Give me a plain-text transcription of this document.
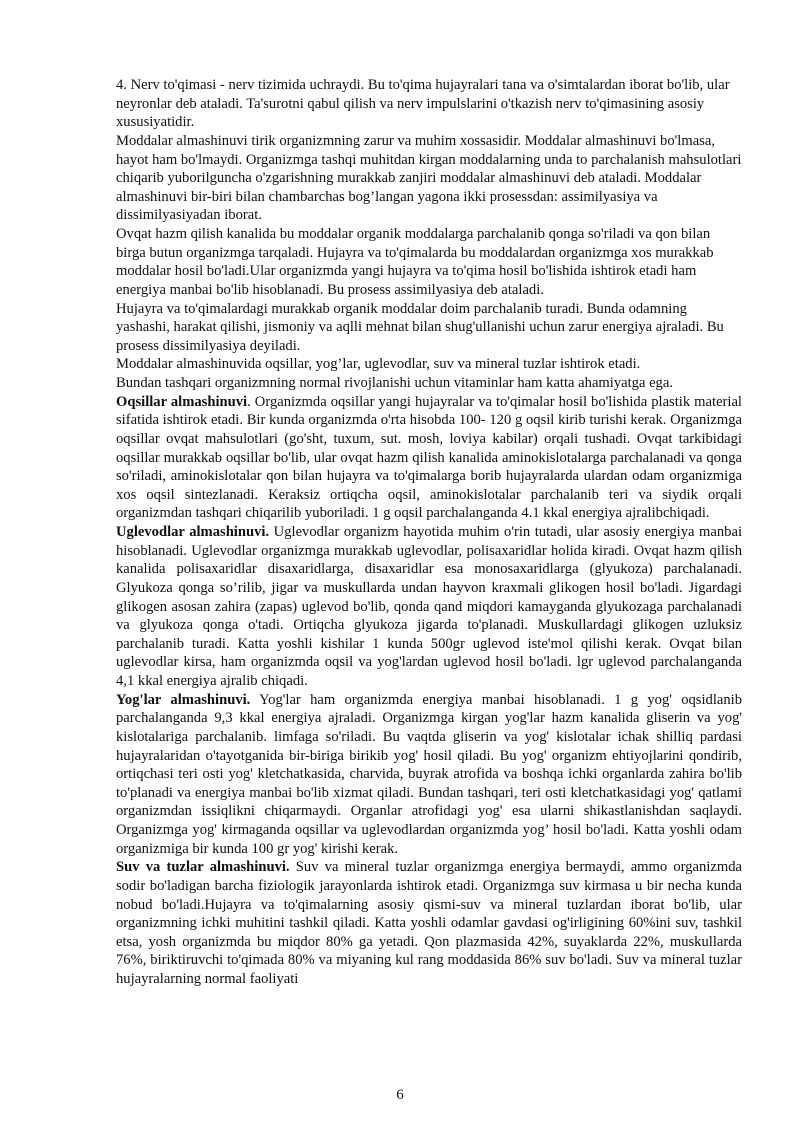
4. Nerv to'qimasi - nerv tizimida uchraydi. Bu to'qima hujayralari tana va o'simtalardan iborat bo'lib, ular neyronlar deb ataladi. Ta'surotni qabul qilish va nerv impulslarini o'tkazish nerv to'qimasining asosiy xususiyatidir.

Moddalar almashinuvi tirik organizmning zarur va muhim xossasidir. Moddalar almashinuvi bo'lmasa, hayot ham bo'lmaydi. Organizmga tashqi muhitdan kirgan moddalarning unda to parchalanish mahsulotlari chiqarib yuborilguncha o'zgarishning murakkab zanjiri moddalar almashinuvi deb ataladi. Moddalar almashinuvi bir-biri bilan chambarchas bog’langan yagona ikki prosessdan: assimilyasiya va dissimilyasiyadan iborat.

Ovqat hazm qilish kanalida bu moddalar organik moddalarga parchalanib qonga so'riladi va qon bilan birga butun organizmga tarqaladi. Hujayra va to'qimalarda bu moddalardan organizmga xos murakkab moddalar hosil bo'ladi.Ular organizmda yangi hujayra va to'qima hosil bo'lishida ishtirok etadi ham energiya manbai bo'lib hisoblanadi. Bu prosess assimilyasiya deb ataladi.

Hujayra va to'qimalardagi murakkab organik moddalar doim parchalanib turadi. Bunda odamning yashashi, harakat qilishi, jismoniy va aqlli mehnat bilan shug'ullanishi uchun zarur energiya ajraladi. Bu prosess dissimilyasiya deyiladi.

Moddalar almashinuvida oqsillar, yog’lar, uglevodlar, suv va mineral tuzlar ishtirok etadi.

Bundan tashqari organizmning normal rivojlanishi uchun vitaminlar ham katta ahamiyatga ega.

Oqsillar almashinuvi. Organizmda oqsillar yangi hujayralar va to'qimalar hosil bo'lishida plastik material sifatida ishtirok etadi. Bir kunda organizmda o'rta hisobda 100- 120 g oqsil kirib turishi kerak. Organizmga oqsillar ovqat mahsulotlari (go'sht, tuxum, sut. mosh, loviya kabilar) orqali tushadi. Ovqat tarkibidagi oqsillar murakkab oqsillar bo'lib, ular ovqat hazm qilish kanalida aminokislotalarga parchalanadi va qonga so'riladi, aminokislotalar qon bilan hujayra va to'qimalarga borib hujayralarda ulardan odam organizmiga xos oqsil sintezlanadi. Keraksiz ortiqcha oqsil, aminokislotalar parchalanib teri va siydik orqali organizmdan tashqari chiqarilib yuboriladi. 1 g oqsil parchalanganda 4.1 kkal energiya ajralibchiqadi.

Uglevodlar almashinuvi. Uglevodlar organizm hayotida muhim o'rin tutadi, ular asosiy energiya manbai hisoblanadi. Uglevodlar organizmga murakkab uglevodlar, polisaxaridlar holida kiradi. Ovqat hazm qilish kanalida polisaxaridlar disaxaridlarga, disaxaridlar esa monosaxaridlarga (glyukoza) parchalanadi. Glyukoza qonga so’rilib, jigar va muskullarda undan hayvon kraxmali glikogen hosil bo'ladi. Jigardagi glikogen asosan zahira (zapas) uglevod bo'lib, qonda qand miqdori kamayganda glyukozaga parchalanadi va glyukoza qonga o'tadi. Ortiqcha glyukoza jigarda to'planadi. Muskullardagi glikogen uzluksiz parchalanib turadi. Katta yoshli kishilar 1 kunda 500gr uglevod iste'mol qilishi kerak. Ovqat bilan uglevodlar kirsa, ham organizmda oqsil va yog'lardan uglevod hosil bo'ladi. lgr uglevod parchalanganda 4,1 kkal energiya ajralib chiqadi.

Yog'lar almashinuvi. Yog'lar ham organizmda energiya manbai hisoblanadi. 1 g yog' oqsidlanib parchalanganda 9,3 kkal energiya ajraladi. Organizmga kirgan yog'lar hazm kanalida gliserin va yog' kislotalariga parchalanib. limfaga so'riladi. Bu vaqtda gliserin va yog' kislotalar ichak shilliq pardasi hujayralaridan o'tayotganida bir-biriga birikib yog' hosil qiladi. Bu yog' organizm ehtiyojlarini qondirib, ortiqchasi teri osti yog' kletchatkasida, charvida, buyrak atrofida va boshqa ichki organlarda zahira bo'lib to'planadi va energiya manbai bo'lib xizmat qiladi. Bundan tashqari, teri osti kletchatkasidagi yog' qatlami organizmdan issiqlikni chiqarmaydi. Organlar atrofidagi yog' esa ularni shikastlanishdan saqlaydi. Organizmga yog' kirmaganda oqsillar va uglevodlardan organizmda yog’ hosil bo'ladi. Katta yoshli odam organizmiga bir kunda 100 gr yog' kirishi kerak.

Suv va tuzlar almashinuvi. Suv va mineral tuzlar organizmga energiya bermaydi, ammo organizmda sodir bo'ladigan barcha fiziologik jarayonlarda ishtirok etadi. Organizmga suv kirmasa u bir necha kunda nobud bo'ladi.Hujayra va to'qimalarning asosiy qismi-suv va mineral tuzlardan iborat bo'lib, ular organizmning ichki muhitini tashkil qiladi. Katta yoshli odamlar gavdasi og'irligining 60%ini suv, tashkil etsa, yosh organizmda bu miqdor 80% ga yetadi. Qon plazmasida 42%, suyaklarda 22%, muskullarda 76%, biriktiruvchi to'qimada 80% va miyaning kul rang moddasida 86% suv bo'ladi. Suv va mineral tuzlar hujayralarning normal faoliyati

6
